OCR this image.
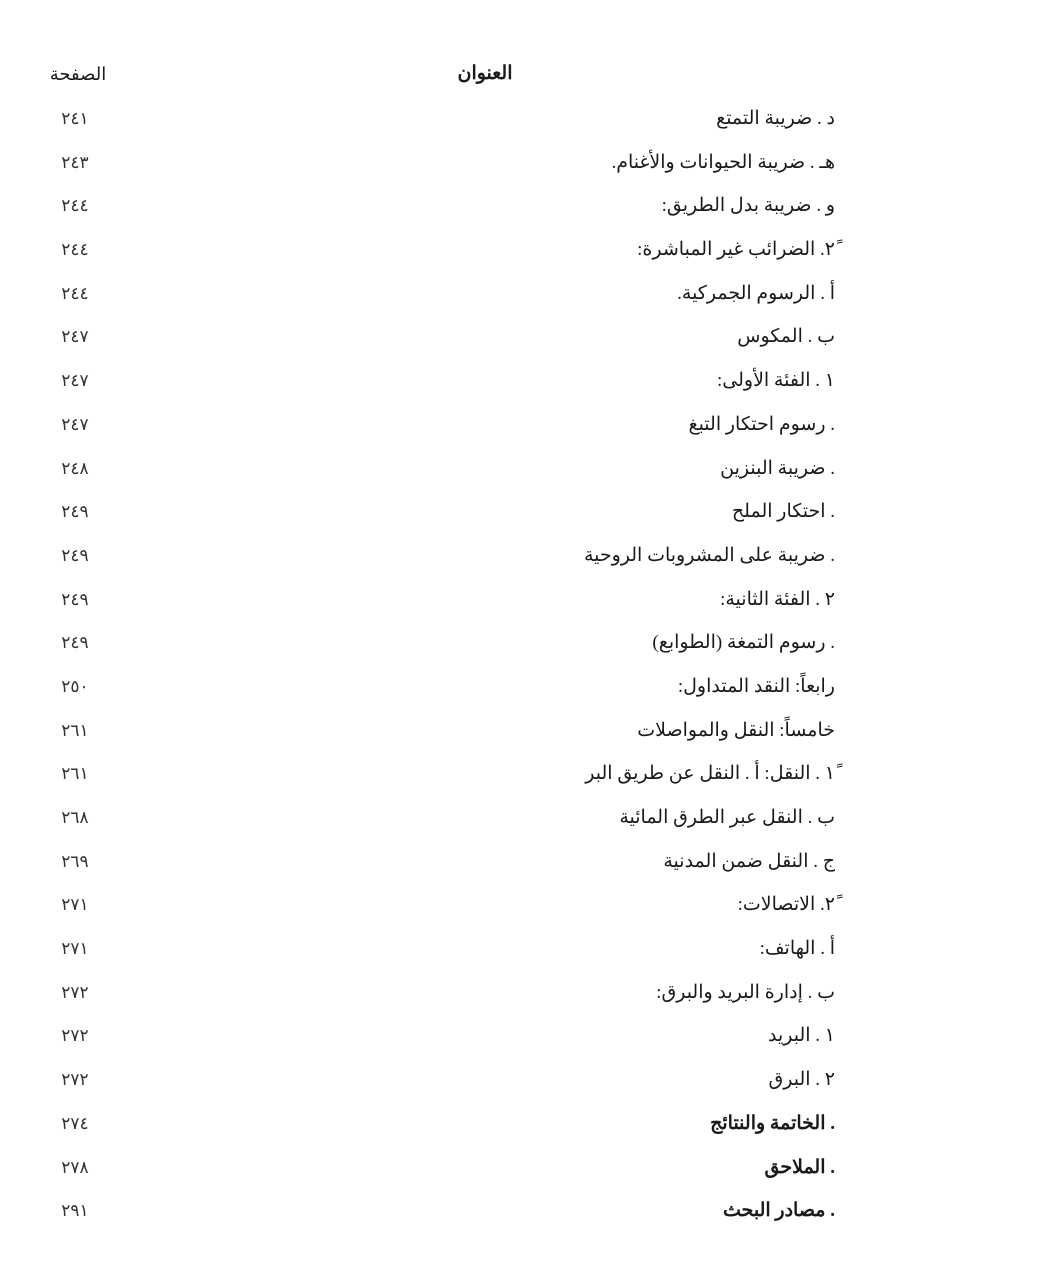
العنوان
الصفحة
د . ضريبة التمتع
٢٤١
هـ . ضريبة الحيوانات والأغنام.
٢٤٣
و . ضريبة بدل الطريق:
٢٤٤
٢ً. الضرائب غير المباشرة:
٢٤٤
أ . الرسوم الجمركية.
٢٤٤
ب . المكوس
٢٤٧
١ . الفئة الأولى:
٢٤٧
. رسوم احتكار التبغ
٢٤٧
. ضريبة البنزين
٢٤٨
. احتكار الملح
٢٤٩
. ضريبة على المشروبات الروحية
٢٤٩
٢ . الفئة الثانية:
٢٤٩
. رسوم التمغة (الطوابع)
٢٤٩
رابعاً: النقد المتداول:
٢٥٠
خامساً: النقل والمواصلات
٢٦١
١ً . النقل: أ . النقل عن طريق البر
٢٦١
ب . النقل عبر الطرق المائية
٢٦٨
ج . النقل ضمن المدنية
٢٦٩
٢ً. الاتصالات:
٢٧١
أ . الهاتف:
٢٧١
ب . إدارة البريد والبرق:
٢٧٢
١ . البريد
٢٧٢
٢ . البرق
٢٧٢
. الخاتمة والنتائج
٢٧٤
. الملاحق
٢٧٨
. مصادر البحث
٢٩١
